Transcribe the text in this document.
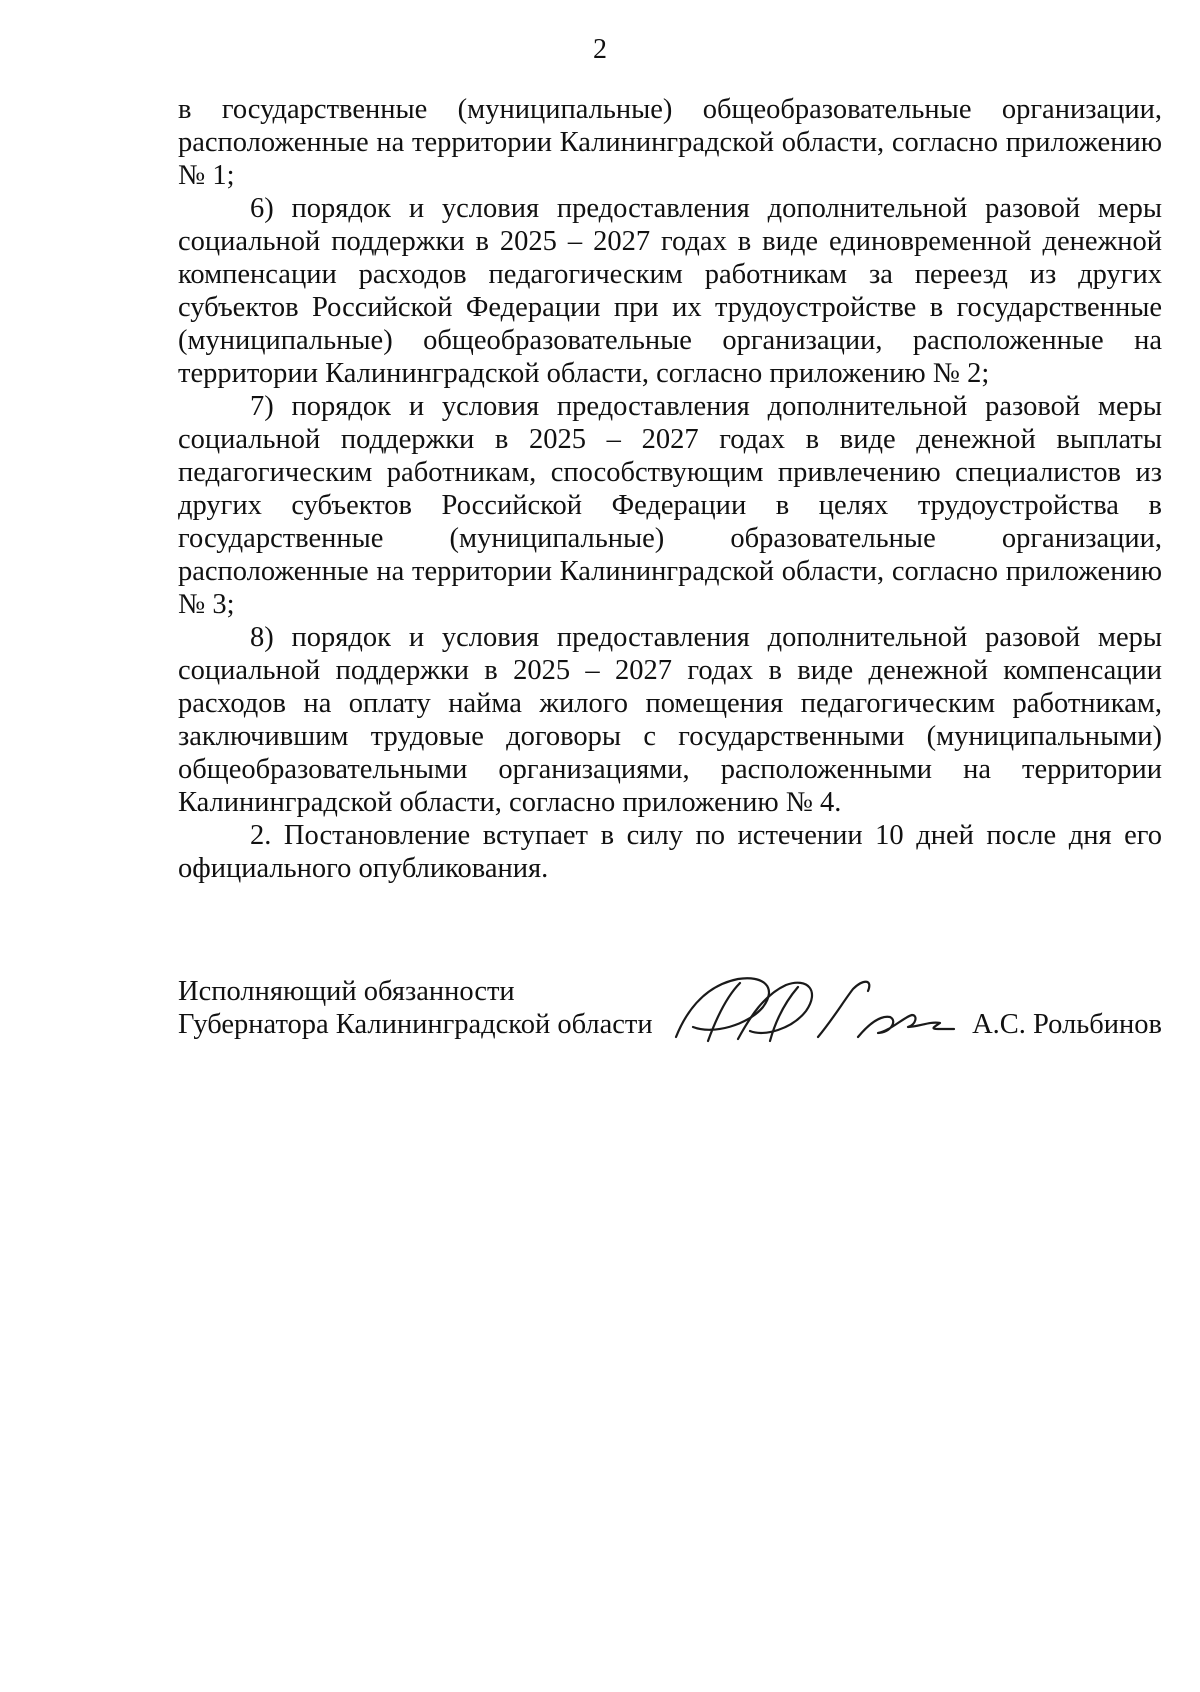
2

в государственные (муниципальные) общеобразовательные организации, расположенные на территории Калининградской области, согласно приложению № 1;

6) порядок и условия предоставления дополнительной разовой меры социальной поддержки в 2025 – 2027 годах в виде единовременной денежной компенсации расходов педагогическим работникам за переезд из других субъектов Российской Федерации при их трудоустройстве в государственные (муниципальные) общеобразовательные организации, расположенные на территории Калининградской области, согласно приложению № 2;

7) порядок и условия предоставления дополнительной разовой меры социальной поддержки в 2025 – 2027 годах в виде денежной выплаты педагогическим работникам, способствующим привлечению специалистов из других субъектов Российской Федерации в целях трудоустройства в государственные (муниципальные) образовательные организации, расположенные на территории Калининградской области, согласно приложению № 3;

8) порядок и условия предоставления дополнительной разовой меры социальной поддержки в 2025 – 2027 годах в виде денежной компенсации расходов на оплату найма жилого помещения педагогическим работникам, заключившим трудовые договоры с государственными (муниципальными) общеобразовательными организациями, расположенными на территории Калининградской области, согласно приложению № 4.

2. Постановление вступает в силу по истечении 10 дней после дня его официального опубликования.

Исполняющий обязанности
Губернатора Калининградской области	А.С. Рольбинов
